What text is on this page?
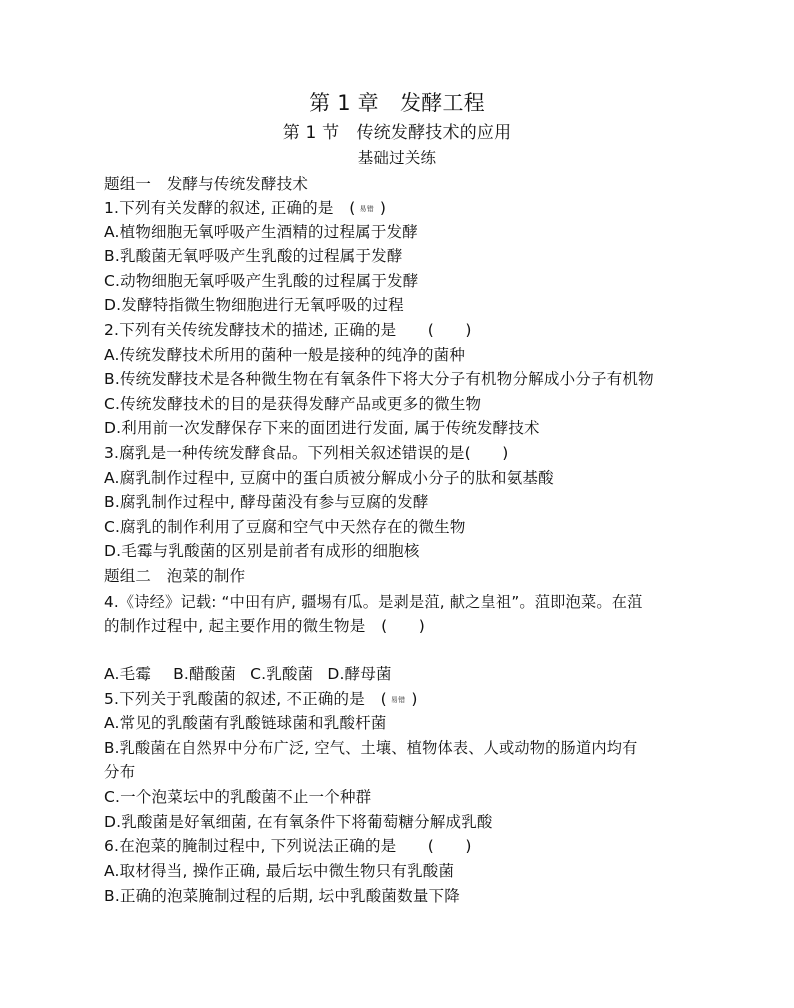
第 1 章　发酵工程
第 1 节　传统发酵技术的应用
基础过关练
题组一　发酵与传统发酵技术
1.下列有关发酵的叙述, 正确的是　( 易错 )
A.植物细胞无氧呼吸产生酒精的过程属于发酵
B.乳酸菌无氧呼吸产生乳酸的过程属于发酵
C.动物细胞无氧呼吸产生乳酸的过程属于发酵
D.发酵特指微生物细胞进行无氧呼吸的过程
2.下列有关传统发酵技术的描述, 正确的是　　(　　)
A.传统发酵技术所用的菌种一般是接种的纯净的菌种
B.传统发酵技术是各种微生物在有氧条件下将大分子有机物分解成小分子有机物
C.传统发酵技术的目的是获得发酵产品或更多的微生物
D.利用前一次发酵保存下来的面团进行发面, 属于传统发酵技术
3.腐乳是一种传统发酵食品。下列相关叙述错误的是(　　)
A.腐乳制作过程中, 豆腐中的蛋白质被分解成小分子的肽和氨基酸
B.腐乳制作过程中, 酵母菌没有参与豆腐的发酵
C.腐乳的制作利用了豆腐和空气中天然存在的微生物
D.毛霉与乳酸菌的区别是前者有成形的细胞核
题组二　泡菜的制作
4.《诗经》记载: “中田有庐, 疆埸有瓜。是剥是菹, 献之皇祖”。菹即泡菜。在菹
的制作过程中, 起主要作用的微生物是　(　　)
A.毛霉 B.醋酸菌 C.乳酸菌 D.酵母菌
5.下列关于乳酸菌的叙述, 不正确的是　( 易错 )
A.常见的乳酸菌有乳酸链球菌和乳酸杆菌
B.乳酸菌在自然界中分布广泛, 空气、土壤、植物体表、人或动物的肠道内均有
分布
C.一个泡菜坛中的乳酸菌不止一个种群
D.乳酸菌是好氧细菌, 在有氧条件下将葡萄糖分解成乳酸
6.在泡菜的腌制过程中, 下列说法正确的是　　(　　)
A.取材得当, 操作正确, 最后坛中微生物只有乳酸菌
B.正确的泡菜腌制过程的后期, 坛中乳酸菌数量下降
